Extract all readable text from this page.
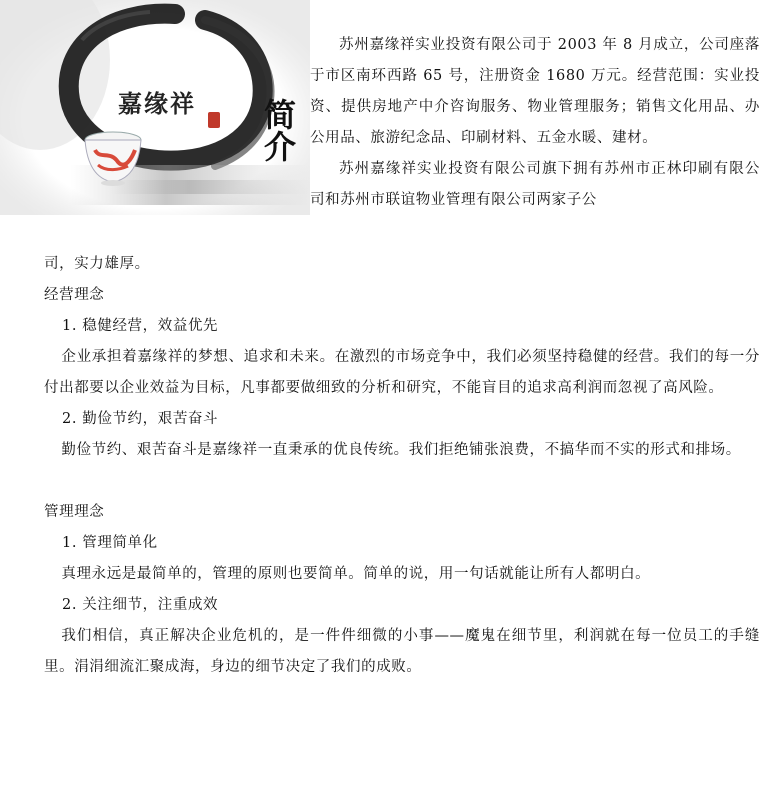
嘉缘祥 简介

苏州嘉缘祥实业投资有限公司于 2003 年 8 月成立，公司座落于市区南环西路 65 号，注册资金 1680 万元。经营范围：实业投资、提供房地产中介咨询服务、物业管理服务；销售文化用品、办公用品、旅游纪念品、印刷材料、五金水暖、建材。

苏州嘉缘祥实业投资有限公司旗下拥有苏州市正林印刷有限公司和苏州市联谊物业管理有限公司两家子公

司，实力雄厚。

经营理念

1. 稳健经营，效益优先

企业承担着嘉缘祥的梦想、追求和未来。在激烈的市场竞争中，我们必须坚持稳健的经营。我们的每一分付出都要以企业效益为目标，凡事都要做细致的分析和研究，不能盲目的追求高利润而忽视了高风险。

2. 勤俭节约，艰苦奋斗

勤俭节约、艰苦奋斗是嘉缘祥一直秉承的优良传统。我们拒绝铺张浪费，不搞华而不实的形式和排场。

管理理念

1. 管理简单化

真理永远是最简单的，管理的原则也要简单。简单的说，用一句话就能让所有人都明白。

2. 关注细节，注重成效

我们相信，真正解决企业危机的，是一件件细微的小事——魔鬼在细节里，利润就在每一位员工的手缝里。涓涓细流汇聚成海，身边的细节决定了我们的成败。
